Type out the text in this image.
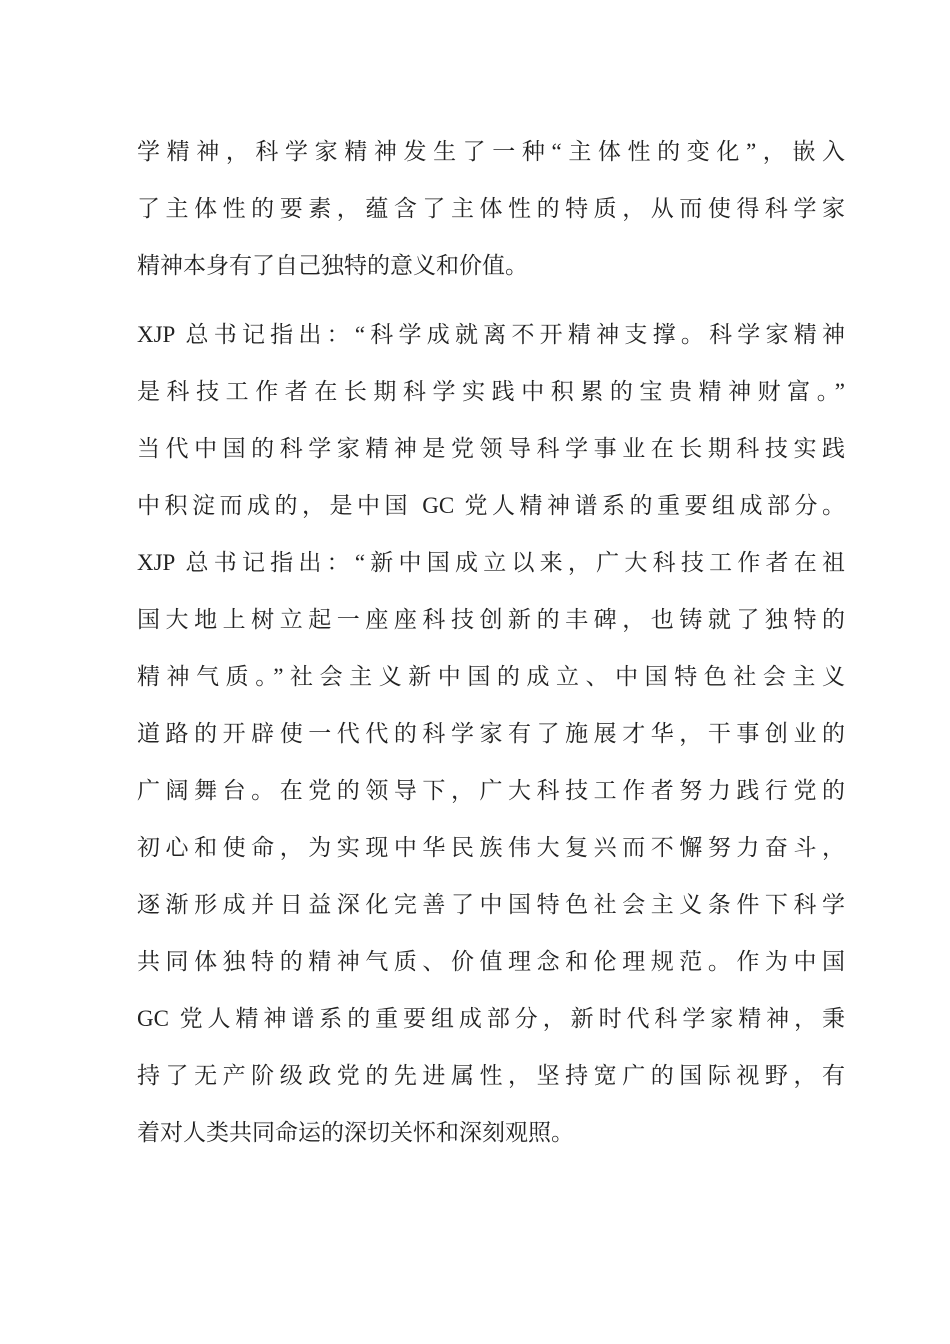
学精神，科学家精神发生了一种“主体性的变化”，嵌入
了主体性的要素，蕴含了主体性的特质，从而使得科学家
精神本身有了自己独特的意义和价值。
XJP 总书记指出：“科学成就离不开精神支撑。科学家精神
是科技工作者在长期科学实践中积累的宝贵精神财富。”
当代中国的科学家精神是党领导科学事业在长期科技实践
中积淀而成的，是中国 GC 党人精神谱系的重要组成部分。
XJP 总书记指出：“新中国成立以来，广大科技工作者在祖
国大地上树立起一座座科技创新的丰碑，也铸就了独特的
精神气质。”社会主义新中国的成立、中国特色社会主义
道路的开辟使一代代的科学家有了施展才华，干事创业的
广阔舞台。在党的领导下，广大科技工作者努力践行党的
初心和使命，为实现中华民族伟大复兴而不懈努力奋斗，
逐渐形成并日益深化完善了中国特色社会主义条件下科学
共同体独特的精神气质、价值理念和伦理规范。作为中国
GC 党人精神谱系的重要组成部分，新时代科学家精神，秉
持了无产阶级政党的先进属性，坚持宽广的国际视野，有
着对人类共同命运的深切关怀和深刻观照。
